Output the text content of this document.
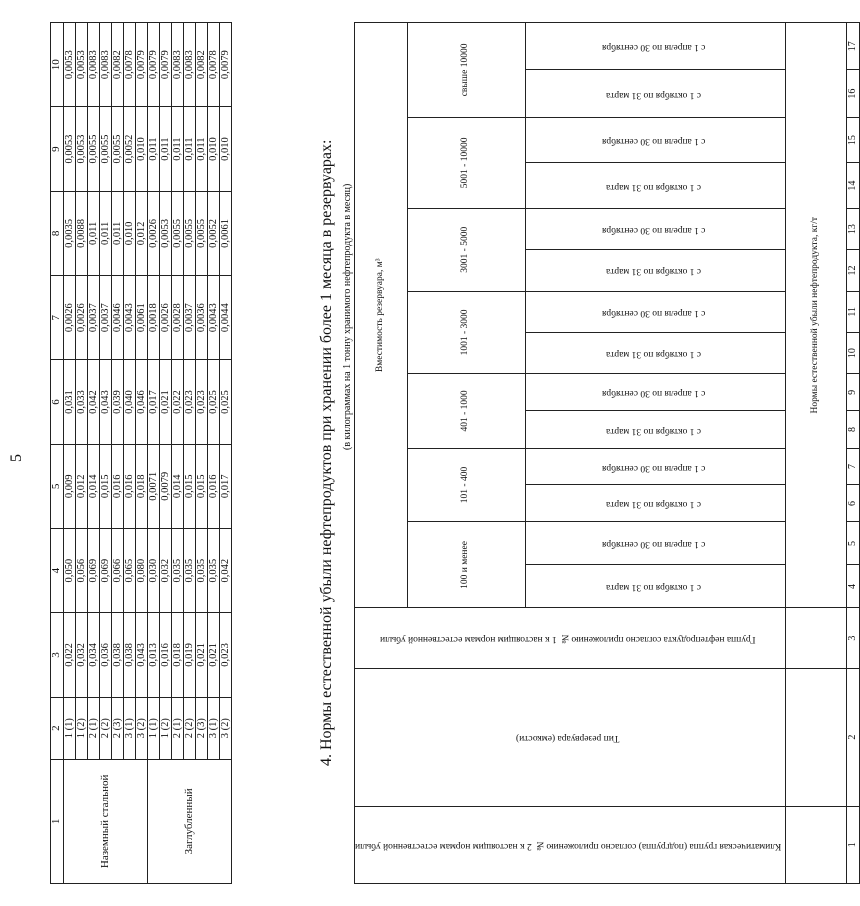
5
1	2	3	4	5	6	7	8	9	10
Наземный стальной	1 (1)	0,022	0,050	0,009	0,031	0,0026	0,0035	0,0053	0,0053
	1 (2)	0,032	0,056	0,012	0,033	0,0026	0,0088	0,0053	0,0053
	2 (1)	0,034	0,069	0,014	0,042	0,0037	0,011	0,0055	0,0083
	2 (2)	0,036	0,069	0,015	0,043	0,0037	0,011	0,0055	0,0083
	2 (3)	0,038	0,066	0,016	0,039	0,0046	0,011	0,0055	0,0082
	3 (1)	0,038	0,065	0,016	0,040	0,0043	0,010	0,0052	0,0078
	3 (2)	0,043	0,080	0,018	0,046	0,0061	0,012	0,010	0,0079
Заглубленный	1 (1)	0,013	0,030	0,0071	0,017	0,0018	0,0026	0,011	0,0079
	1 (2)	0,016	0,032	0,0079	0,021	0,0026	0,0053	0,011	0,0079
	2 (1)	0,018	0,035	0,014	0,022	0,0028	0,0055	0,011	0,0083
	2 (2)	0,019	0,035	0,015	0,023	0,0037	0,0055	0,011	0,0083
	2 (3)	0,021	0,035	0,015	0,023	0,0036	0,0055	0,011	0,0082
	3 (1)	0,021	0,035	0,016	0,025	0,0043	0,0052	0,010	0,0078
	3 (2)	0,023	0,042	0,017	0,025	0,0044	0,0061	0,010	0,0079
4. Нормы естественной убыли нефтепродуктов при хранении более 1 месяца в резервуарах: (в килограммах на 1 тонну хранимого нефтепродукта в месяц)
Климатическая группа (подгруппа) согласно приложению № 2 к настоящим нормам естественной убыли	Тип резервуара (емкости)	Группа нефтепродукта согласно приложению № 1 к настоящим нормам естественной убыли	Вместимость резервуара, м³													
			100 и менее		101 - 400		401 - 1000		1001 - 3000		3001 - 5000		5001 - 10000		свыше 10000	
			с 1 октября по 31 марта	с 1 апреля по 30 сентября	с 1 октября по 31 марта	с 1 апреля по 30 сентября	с 1 октября по 31 марта	с 1 апреля по 30 сентября	с 1 октября по 31 марта	с 1 апреля по 30 сентября	с 1 октября по 31 марта	с 1 апреля по 30 сентября	с 1 октября по 31 марта	с 1 апреля по 30 сентября	с 1 октября по 31 марта	с 1 апреля по 30 сентября
			Нормы естественной убыли нефтепродукта, кг/т													
1	2	3	4	5	6	7	8	9	10	11	12	13	14	15	16	17
